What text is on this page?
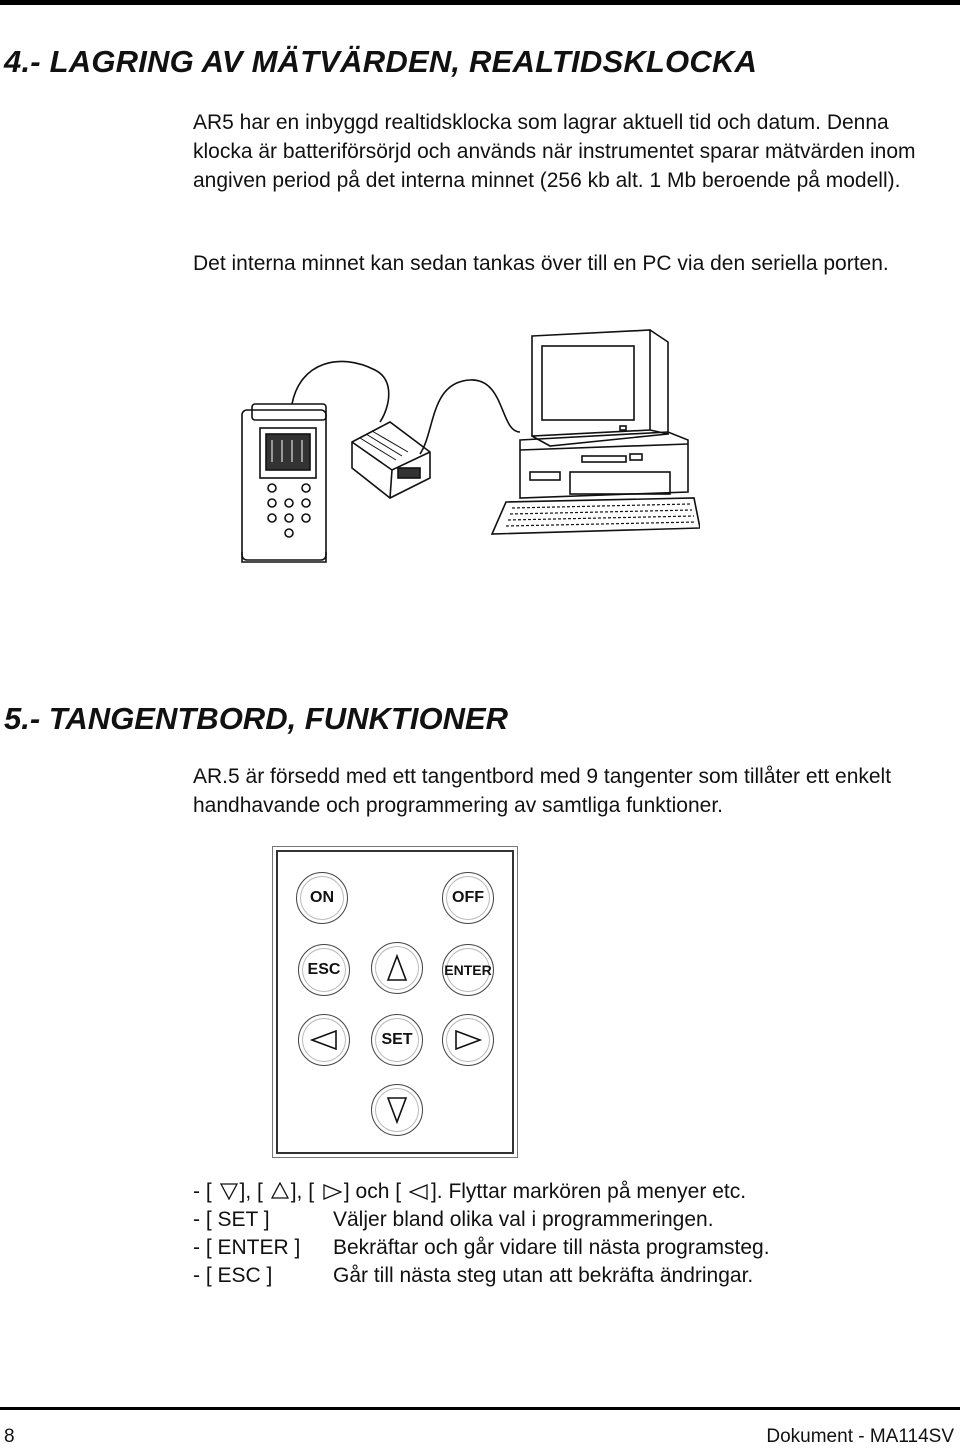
4.- LAGRING AV MÄTVÄRDEN, REALTIDSKLOCKA

AR5 har en inbyggd realtidsklocka som lagrar aktuell tid och datum. Denna klocka är batteriförsörjd och används när instrumentet sparar mätvärden inom angiven period på det interna minnet (256 kb alt. 1 Mb beroende på modell).

Det interna minnet kan sedan tankas över till en PC via den seriella porten.

5.- TANGENTBORD, FUNKTIONER

AR.5 är försedd med ett tangentbord med 9 tangenter som tillåter ett enkelt handhavande och programmering av samtliga funktioner.

ON	OFF
ESC	ENTER
SET
- [ ], [ ], [ ] och [ ]. Flyttar markören på menyer etc.
- [ SET ]	Väljer bland olika val i programmeringen.
- [ ENTER ] Bekräftar och går vidare till nästa programsteg.
- [ ESC ]	Går till nästa steg utan att bekräfta ändringar.
8	Dokument - MA114SV
